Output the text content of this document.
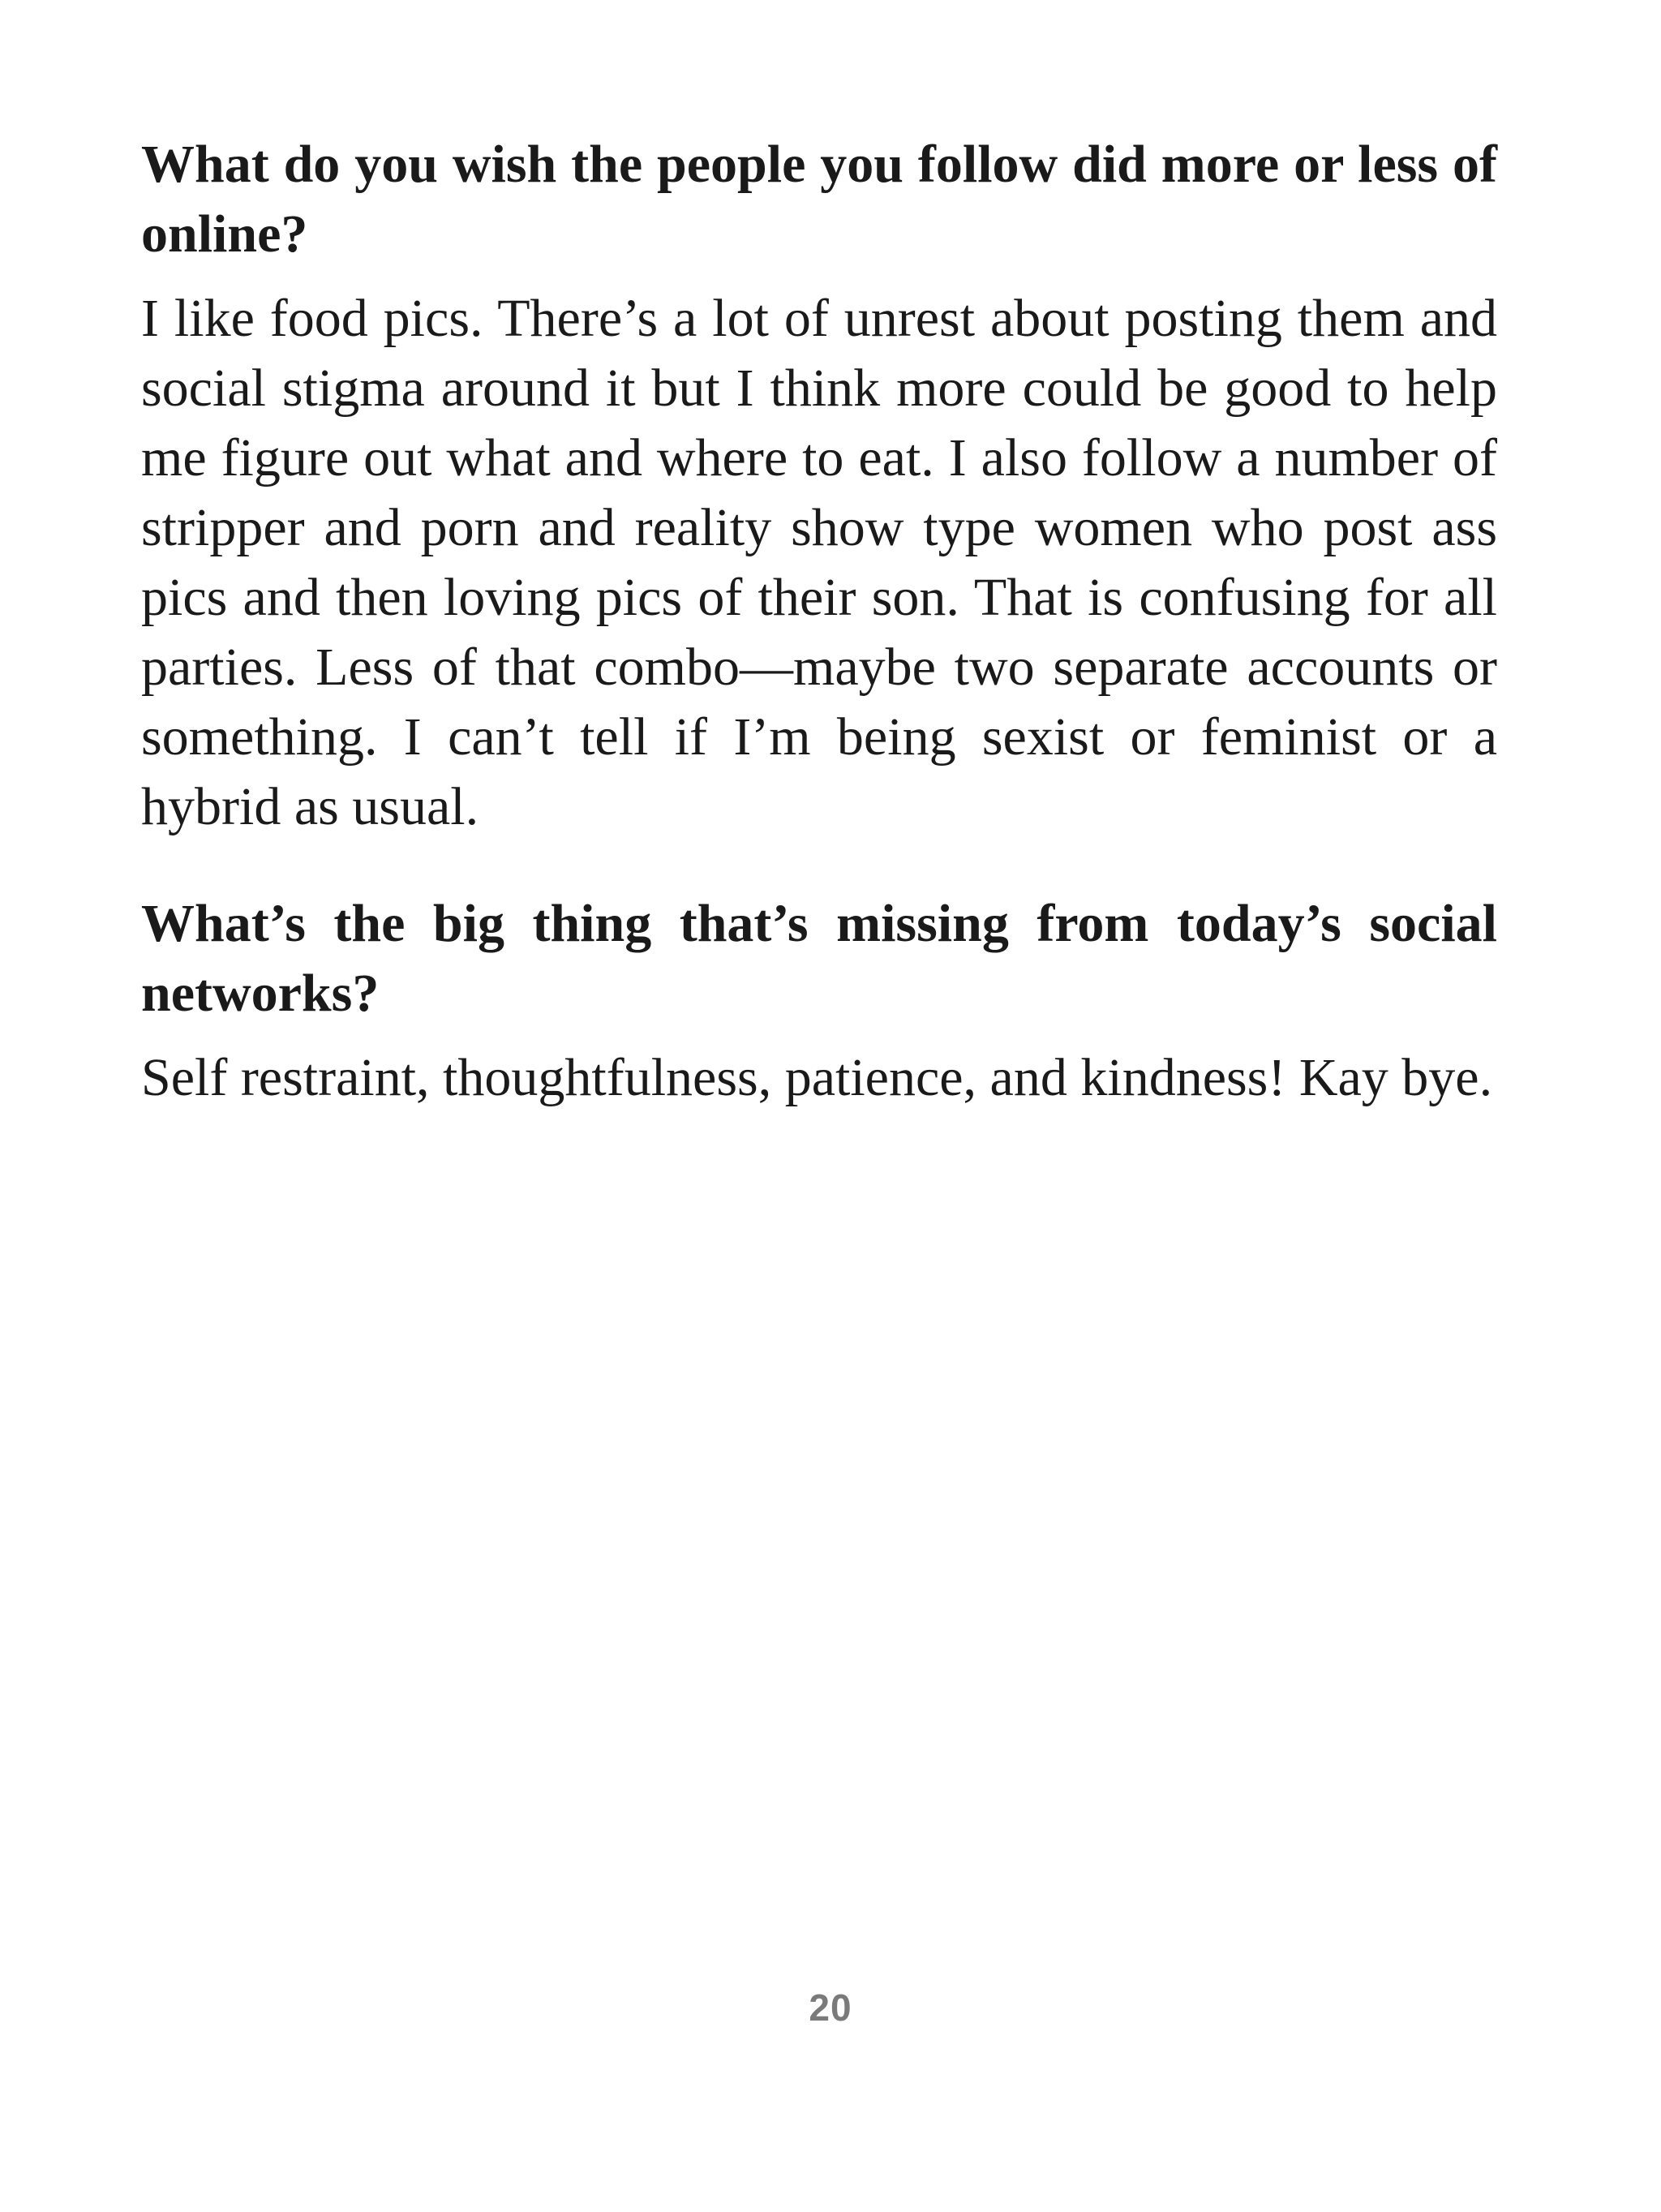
What do you wish the people you follow did more or less of online?

I like food pics. There’s a lot of unrest about posting them and social stigma around it but I think more could be good to help me figure out what and where to eat. I also follow a number of stripper and porn and reality show type women who post ass pics and then loving pics of their son. That is confusing for all parties. Less of that combo—maybe two separate accounts or something. I can’t tell if I’m being sexist or feminist or a hybrid as usual.

What’s the big thing that’s missing from today’s social networks?

Self restraint, thoughtfulness, patience, and kindness! Kay bye.

20
